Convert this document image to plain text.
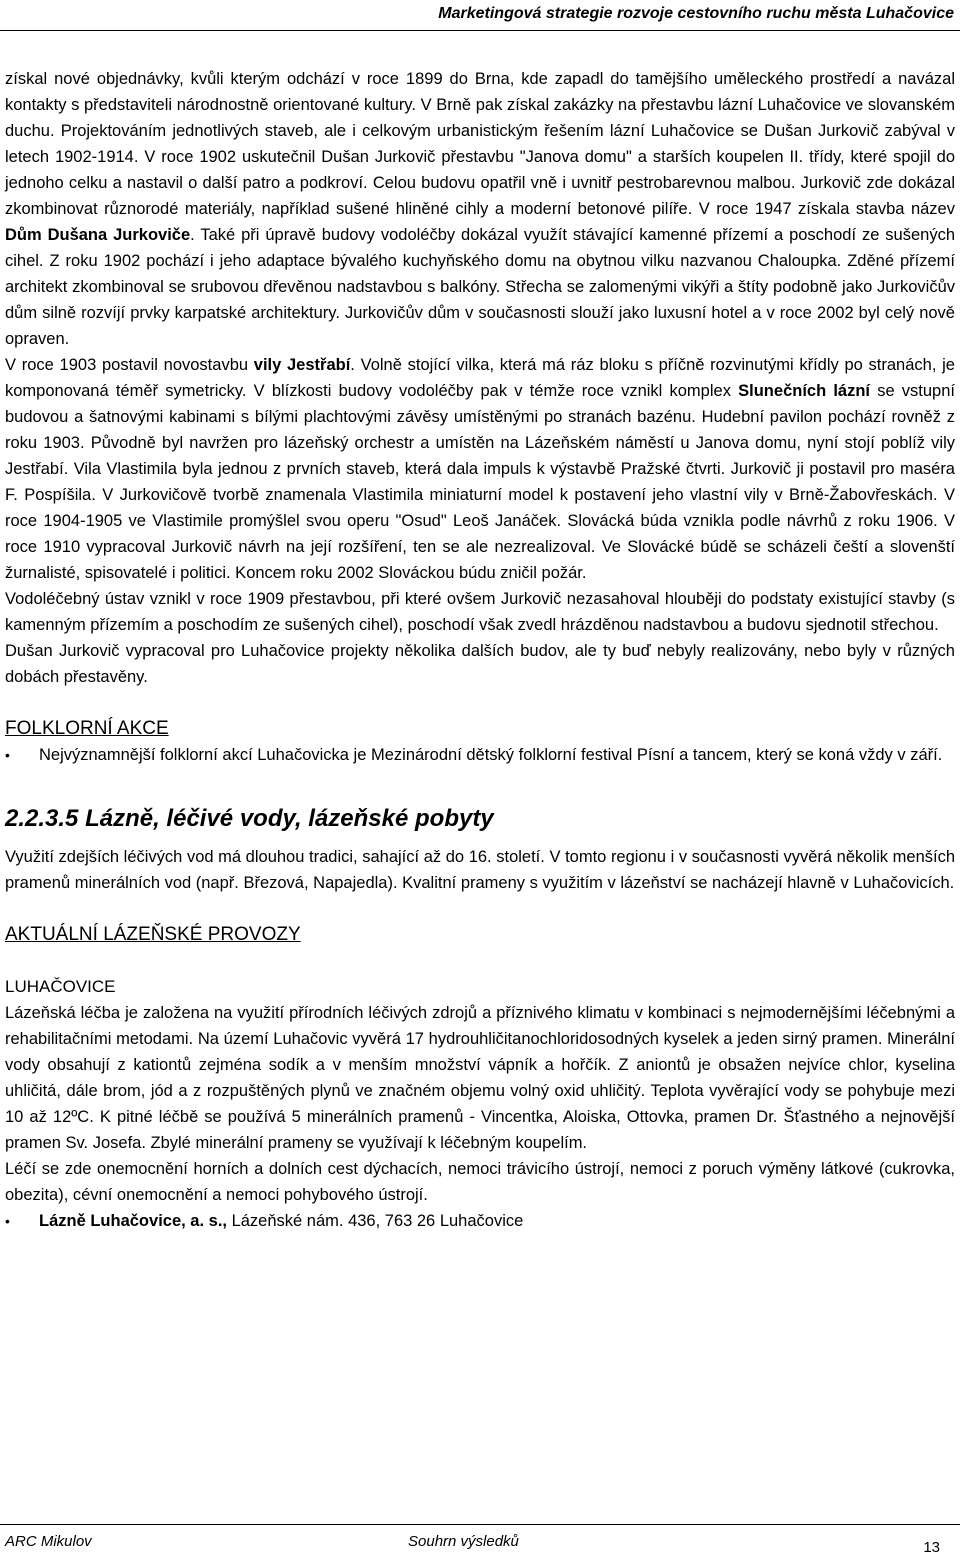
Marketingová strategie rozvoje cestovního ruchu města Luhačovice

získal nové objednávky, kvůli kterým odchází v roce 1899 do Brna, kde zapadl do tamějšího uměleckého prostředí a navázal kontakty s představiteli národnostně orientované kultury. V Brně pak získal zakázky na přestavbu lázní Luhačovice ve slovanském duchu. Projektováním jednotlivých staveb, ale i celkovým urbanistickým řešením lázní Luhačovice se Dušan Jurkovič zabýval v letech 1902-1914. V roce 1902 uskutečnil Dušan Jurkovič přestavbu "Janova domu" a starších koupelen II. třídy, které spojil do jednoho celku a nastavil o další patro a podkroví. Celou budovu opatřil vně i uvnitř pestrobarevnou malbou. Jurkovič zde dokázal zkombinovat různorodé materiály, například sušené hliněné cihly a moderní betonové pilíře. V roce 1947 získala stavba název Dům Dušana Jurkoviče. Také při úpravě budovy vodoléčby dokázal využít stávající kamenné přízemí a poschodí ze sušených cihel. Z roku 1902 pochází i jeho adaptace bývalého kuchyňského domu na obytnou vilku nazvanou Chaloupka. Zděné přízemí architekt zkombinoval se srubovou dřevěnou nadstavbou s balkóny. Střecha se zalomenými vikýři a štíty podobně jako Jurkovičův dům silně rozvíjí prvky karpatské architektury. Jurkovičův dům v současnosti slouží jako luxusní hotel a v roce 2002 byl celý nově opraven.

V roce 1903 postavil novostavbu vily Jestřabí. Volně stojící vilka, která má ráz bloku s příčně rozvinutými křídly po stranách, je komponovaná téměř symetricky. V blízkosti budovy vodoléčby pak v témže roce vznikl komplex Slunečních lázní se vstupní budovou a šatnovými kabinami s bílými plachtovými závěsy umístěnými po stranách bazénu. Hudební pavilon pochází rovněž z roku 1903. Původně byl navržen pro lázeňský orchestr a umístěn na Lázeňském náměstí u Janova domu, nyní stojí poblíž vily Jestřabí. Vila Vlastimila byla jednou z prvních staveb, která dala impuls k výstavbě Pražské čtvrti. Jurkovič ji postavil pro maséra F. Pospíšila. V Jurkovičově tvorbě znamenala Vlastimila miniaturní model k postavení jeho vlastní vily v Brně-Žabovřeskách. V roce 1904-1905 ve Vlastimile promýšlel svou operu "Osud" Leoš Janáček. Slovácká búda vznikla podle návrhů z roku 1906. V roce 1910 vypracoval Jurkovič návrh na její rozšíření, ten se ale nezrealizoval. Ve Slovácké búdě se scházeli čeští a slovenští žurnalisté, spisovatelé i politici. Koncem roku 2002 Slováckou búdu zničil požár.

Vodoléčebný ústav vznikl v roce 1909 přestavbou, při které ovšem Jurkovič nezasahoval hlouběji do podstaty existující stavby (s kamenným přízemím a poschodím ze sušených cihel), poschodí však zvedl hrázděnou nadstavbou a budovu sjednotil střechou.

Dušan Jurkovič vypracoval pro Luhačovice projekty několika dalších budov, ale ty buď nebyly realizovány, nebo byly v různých dobách přestavěny.

FOLKLORNÍ AKCE

•	Nejvýznamnější folklorní akcí Luhačovicka je Mezinárodní dětský folklorní festival Písní a tancem, který se koná vždy v září.

2.2.3.5 Lázně, léčivé vody, lázeňské pobyty

Využití zdejších léčivých vod má dlouhou tradici, sahající až do 16. století. V tomto regionu i v současnosti vyvěrá několik menších pramenů minerálních vod (např. Březová, Napajedla). Kvalitní prameny s využitím v lázeňství se nacházejí hlavně v Luhačovicích.

AKTUÁLNÍ LÁZEŇSKÉ PROVOZY
LUHAČOVICE

Lázeňská léčba je založena na využití přírodních léčivých zdrojů a příznivého klimatu v kombinaci s nejmodernějšími léčebnými a rehabilitačními metodami. Na území Luhačovic vyvěrá 17 hydrouhličitanochloridosodných kyselek a jeden sirný pramen. Minerální vody obsahují z kationtů zejména sodík a v menším množství vápník a hořčík. Z aniontů je obsažen nejvíce chlor, kyselina uhličitá, dále brom, jód a z rozpuštěných plynů ve značném objemu volný oxid uhličitý. Teplota vyvěrající vody se pohybuje mezi 10 až 12ºC. K pitné léčbě se používá 5 minerálních pramenů - Vincentka, Aloiska, Ottovka, pramen Dr. Šťastného a nejnovější pramen Sv. Josefa. Zbylé minerální prameny se využívají k léčebným koupelím.

Léčí se zde onemocnění horních a dolních cest dýchacích, nemoci trávicího ústrojí, nemoci z poruch výměny látkové (cukrovka, obezita), cévní onemocnění a nemoci pohybového ústrojí.

•	Lázně Luhačovice, a. s., Lázeňské nám. 436, 763 26 Luhačovice

ARC Mikulov	Souhrn výsledků	13
